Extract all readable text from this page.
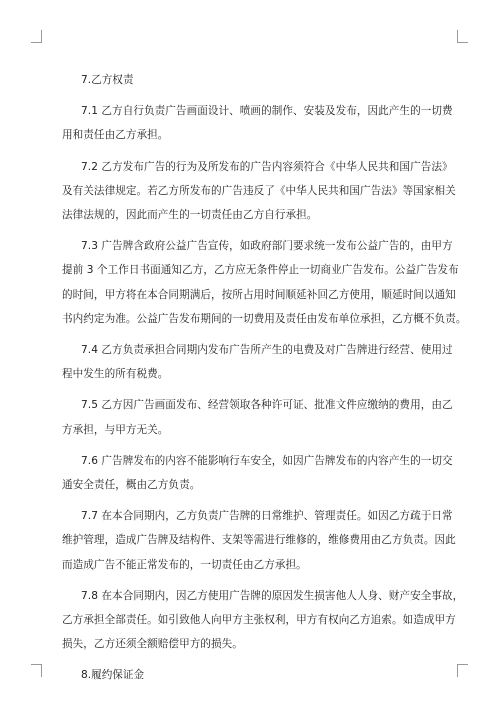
7.乙方权责

7.1 乙方自行负责广告画面设计、喷画的制作、安装及发布，因此产生的一切费
用和责任由乙方承担。

7.2 乙方发布广告的行为及所发布的广告内容须符合《中华人民共和国广告法》
及有关法律规定。若乙方所发布的广告违反了《中华人民共和国广告法》等国家相关
法律法规的，因此而产生的一切责任由乙方自行承担。

7.3 广告牌含政府公益广告宣传，如政府部门要求统一发布公益广告的，由甲方
提前 3 个工作日书面通知乙方，乙方应无条件停止一切商业广告发布。公益广告发布
的时间，甲方将在本合同期满后，按所占用时间顺延补回乙方使用，顺延时间以通知
书内约定为准。公益广告发布期间的一切费用及责任由发布单位承担，乙方概不负责。

7.4 乙方负责承担合同期内发布广告所产生的电费及对广告牌进行经营、使用过
程中发生的所有税费。

7.5 乙方因广告画面发布、经营领取各种许可证、批准文件应缴纳的费用，由乙
方承担，与甲方无关。

7.6 广告牌发布的内容不能影响行车安全，如因广告牌发布的内容产生的一切交
通安全责任，概由乙方负责。

7.7 在本合同期内，乙方负责广告牌的日常维护、管理责任。如因乙方疏于日常
维护管理，造成广告牌及结构件、支架等需进行维修的，维修费用由乙方负责。因此
而造成广告不能正常发布的，一切责任由乙方承担。

7.8 在本合同期内，因乙方使用广告牌的原因发生损害他人人身、财产安全事故，
乙方承担全部责任。如引致他人向甲方主张权利，甲方有权向乙方追索。如造成甲方
损失，乙方还须全额赔偿甲方的损失。

8.履约保证金
